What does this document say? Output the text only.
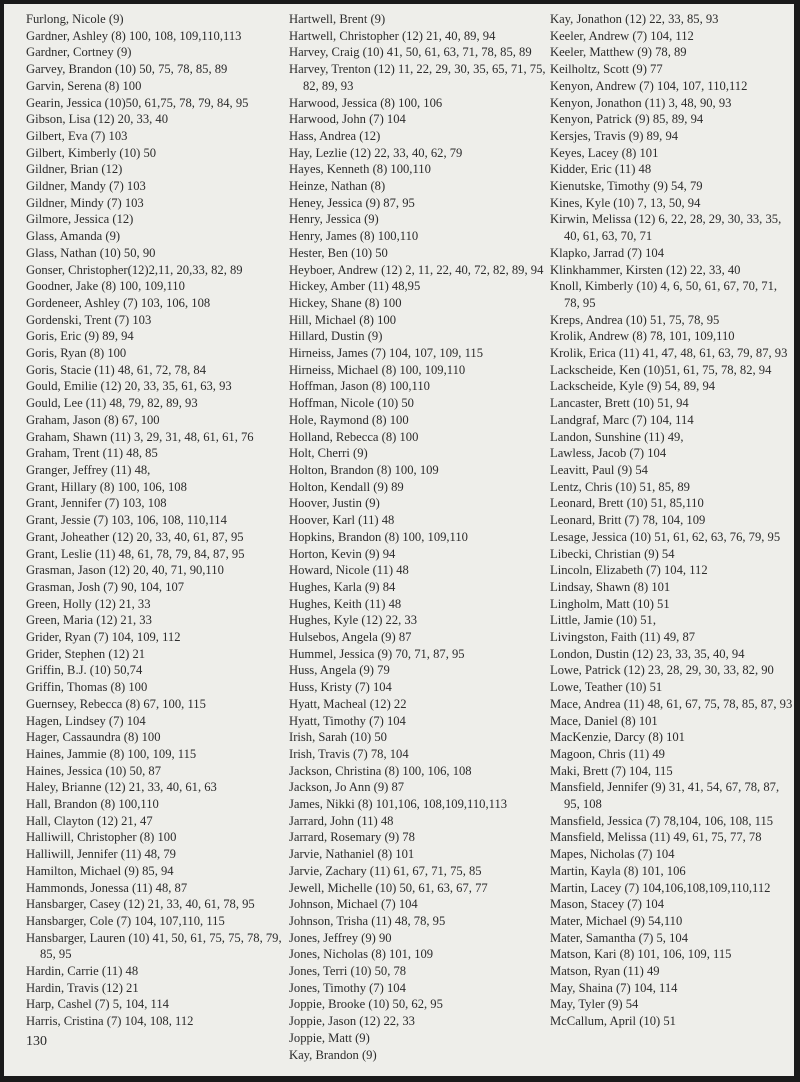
Furlong, Nicole (9)
Gardner, Ashley (8) 100, 108, 109,110,113
Gardner, Cortney (9)
Garvey, Brandon (10) 50, 75, 78, 85, 89
Garvin, Serena (8) 100
Gearin, Jessica (10)50, 61,75, 78, 79, 84, 95
Gibson, Lisa (12) 20, 33, 40
Gilbert, Eva (7) 103
Gilbert, Kimberly (10) 50
Gildner, Brian (12)
Gildner, Mandy (7) 103
Gildner, Mindy (7) 103
Gilmore, Jessica (12)
Glass, Amanda (9)
Glass, Nathan (10) 50, 90
Gonser, Christopher(12)2,11, 20,33, 82, 89
Goodner, Jake (8) 100, 109,110
Gordeneer, Ashley (7) 103, 106, 108
Gordenski, Trent (7) 103
Goris, Eric (9) 89, 94
Goris, Ryan (8) 100
Goris, Stacie (11) 48, 61, 72, 78, 84
Gould, Emilie (12) 20, 33, 35, 61, 63, 93
Gould, Lee (11) 48, 79, 82, 89, 93
Graham, Jason (8) 67, 100
Graham, Shawn (11) 3, 29, 31, 48, 61, 61, 76
Graham, Trent (11) 48, 85
Granger, Jeffrey (11) 48,
Grant, Hillary (8) 100, 106, 108
Grant, Jennifer (7) 103, 108
Grant, Jessie (7) 103, 106, 108, 110,114
Grant, Joheather (12) 20, 33, 40, 61, 87, 95
Grant, Leslie (11) 48, 61, 78, 79, 84, 87, 95
Grasman, Jason (12) 20, 40, 71, 90,110
Grasman, Josh (7) 90, 104, 107
Green, Holly (12) 21, 33
Green, Maria (12) 21, 33
Grider, Ryan (7) 104, 109, 112
Grider, Stephen (12) 21
Griffin, B.J. (10) 50,74
Griffin, Thomas (8) 100
Guernsey, Rebecca (8) 67, 100, 115
Hagen, Lindsey (7) 104
Hager, Cassaundra (8) 100
Haines, Jammie (8) 100, 109, 115
Haines, Jessica (10) 50, 87
Haley, Brianne (12) 21, 33, 40, 61, 63
Hall, Brandon (8) 100,110
Hall, Clayton (12) 21, 47
Halliwill, Christopher (8) 100
Halliwill, Jennifer (11) 48, 79
Hamilton, Michael (9) 85, 94
Hammonds, Jonessa (11) 48, 87
Hansbarger, Casey (12) 21, 33, 40, 61, 78, 95
Hansbarger, Cole (7) 104, 107,110, 115
Hansbarger, Lauren (10) 41, 50, 61, 75, 75, 78, 79, 85, 95
Hardin, Carrie (11) 48
Hardin, Travis (12) 21
Harp, Cashel (7) 5, 104, 114
Harris, Cristina (7) 104, 108, 112
Hartwell, Brent (9)
Hartwell, Christopher (12) 21, 40, 89, 94
Harvey, Craig (10) 41, 50, 61, 63, 71, 78, 85, 89
Harvey, Trenton (12) 11, 22, 29, 30, 35, 65, 71, 75, 82, 89, 93
Harwood, Jessica (8) 100, 106
Harwood, John (7) 104
Hass, Andrea (12)
Hay, Lezlie (12) 22, 33, 40, 62, 79
Hayes, Kenneth (8) 100,110
Heinze, Nathan (8)
Heney, Jessica (9) 87, 95
Henry, Jessica (9)
Henry, James (8) 100,110
Hester, Ben (10) 50
Heyboer, Andrew (12) 2, 11, 22, 40, 72, 82, 89, 94
Hickey, Amber (11) 48,95
Hickey, Shane (8) 100
Hill, Michael (8) 100
Hillard, Dustin (9)
Hirneiss, James (7) 104, 107, 109, 115
Hirneiss, Michael (8) 100, 109,110
Hoffman, Jason (8) 100,110
Hoffman, Nicole (10) 50
Hole, Raymond (8) 100
Holland, Rebecca (8) 100
Holt, Cherri (9)
Holton, Brandon (8) 100, 109
Holton, Kendall (9) 89
Hoover, Justin (9)
Hoover, Karl (11) 48
Hopkins, Brandon (8) 100, 109,110
Horton, Kevin (9) 94
Howard, Nicole (11) 48
Hughes, Karla (9) 84
Hughes, Keith (11) 48
Hughes, Kyle (12) 22, 33
Hulsebos, Angela (9) 87
Hummel, Jessica (9) 70, 71, 87, 95
Huss, Angela (9) 79
Huss, Kristy (7) 104
Hyatt, Macheal (12) 22
Hyatt, Timothy (7) 104
Irish, Sarah (10) 50
Irish, Travis (7) 78, 104
Jackson, Christina (8) 100, 106, 108
Jackson, Jo Ann (9) 87
James, Nikki (8) 101,106, 108,109,110,113
Jarrard, John (11) 48
Jarrard, Rosemary (9) 78
Jarvie, Nathaniel (8) 101
Jarvie, Zachary (11) 61, 67, 71, 75, 85
Jewell, Michelle (10) 50, 61, 63, 67, 77
Johnson, Michael (7) 104
Johnson, Trisha (11) 48, 78, 95
Jones, Jeffrey (9) 90
Jones, Nicholas (8) 101, 109
Jones, Terri (10) 50, 78
Jones, Timothy (7) 104
Joppie, Brooke (10) 50, 62, 95
Joppie, Jason (12) 22, 33
Joppie, Matt (9)
Kay, Brandon (9)
Kay, Jonathon (12) 22, 33, 85, 93
Keeler, Andrew (7) 104, 112
Keeler, Matthew (9) 78, 89
Keilholtz, Scott (9) 77
Kenyon, Andrew (7) 104, 107, 110,112
Kenyon, Jonathon (11) 3, 48, 90, 93
Kenyon, Patrick (9) 85, 89, 94
Kersjes, Travis (9) 89, 94
Keyes, Lacey (8) 101
Kidder, Eric (11) 48
Kienutske, Timothy (9) 54, 79
Kines, Kyle (10) 7, 13, 50, 94
Kirwin, Melissa (12) 6, 22, 28, 29, 30, 33, 35, 40, 61, 63, 70, 71
Klapko, Jarrad (7) 104
Klinkhammer, Kirsten (12) 22, 33, 40
Knoll, Kimberly (10) 4, 6, 50, 61, 67, 70, 71, 78, 95
Kreps, Andrea (10) 51, 75, 78, 95
Krolik, Andrew (8) 78, 101, 109,110
Krolik, Erica (11) 41, 47, 48, 61, 63, 79, 87, 93
Lackscheide, Ken (10)51, 61, 75, 78, 82, 94
Lackscheide, Kyle (9) 54, 89, 94
Lancaster, Brett (10) 51, 94
Landgraf, Marc (7) 104, 114
Landon, Sunshine (11) 49,
Lawless, Jacob (7) 104
Leavitt, Paul (9) 54
Lentz, Chris (10) 51, 85, 89
Leonard, Brett (10) 51, 85,110
Leonard, Britt (7) 78, 104, 109
Lesage, Jessica (10) 51, 61, 62, 63, 76, 79, 95
Libecki, Christian (9) 54
Lincoln, Elizabeth (7) 104, 112
Lindsay, Shawn (8) 101
Lingholm, Matt (10) 51
Little, Jamie (10) 51,
Livingston, Faith (11) 49, 87
London, Dustin (12) 23, 33, 35, 40, 94
Lowe, Patrick (12) 23, 28, 29, 30, 33, 82, 90
Lowe, Teather (10) 51
Mace, Andrea (11) 48, 61, 67, 75, 78, 85, 87, 93
Mace, Daniel (8) 101
MacKenzie, Darcy (8) 101
Magoon, Chris (11) 49
Maki, Brett (7) 104, 115
Mansfield, Jennifer (9) 31, 41, 54, 67, 78, 87, 95, 108
Mansfield, Jessica (7) 78,104, 106, 108, 115
Mansfield, Melissa (11) 49, 61, 75, 77, 78
Mapes, Nicholas (7) 104
Martin, Kayla (8) 101, 106
Martin, Lacey (7) 104,106,108,109,110,112
Mason, Stacey (7) 104
Mater, Michael (9) 54,110
Mater, Samantha (7) 5, 104
Matson, Kari (8) 101, 106, 109, 115
Matson, Ryan (11) 49
May, Shaina (7) 104, 114
May, Tyler (9) 54
McCallum, April (10) 51
130
